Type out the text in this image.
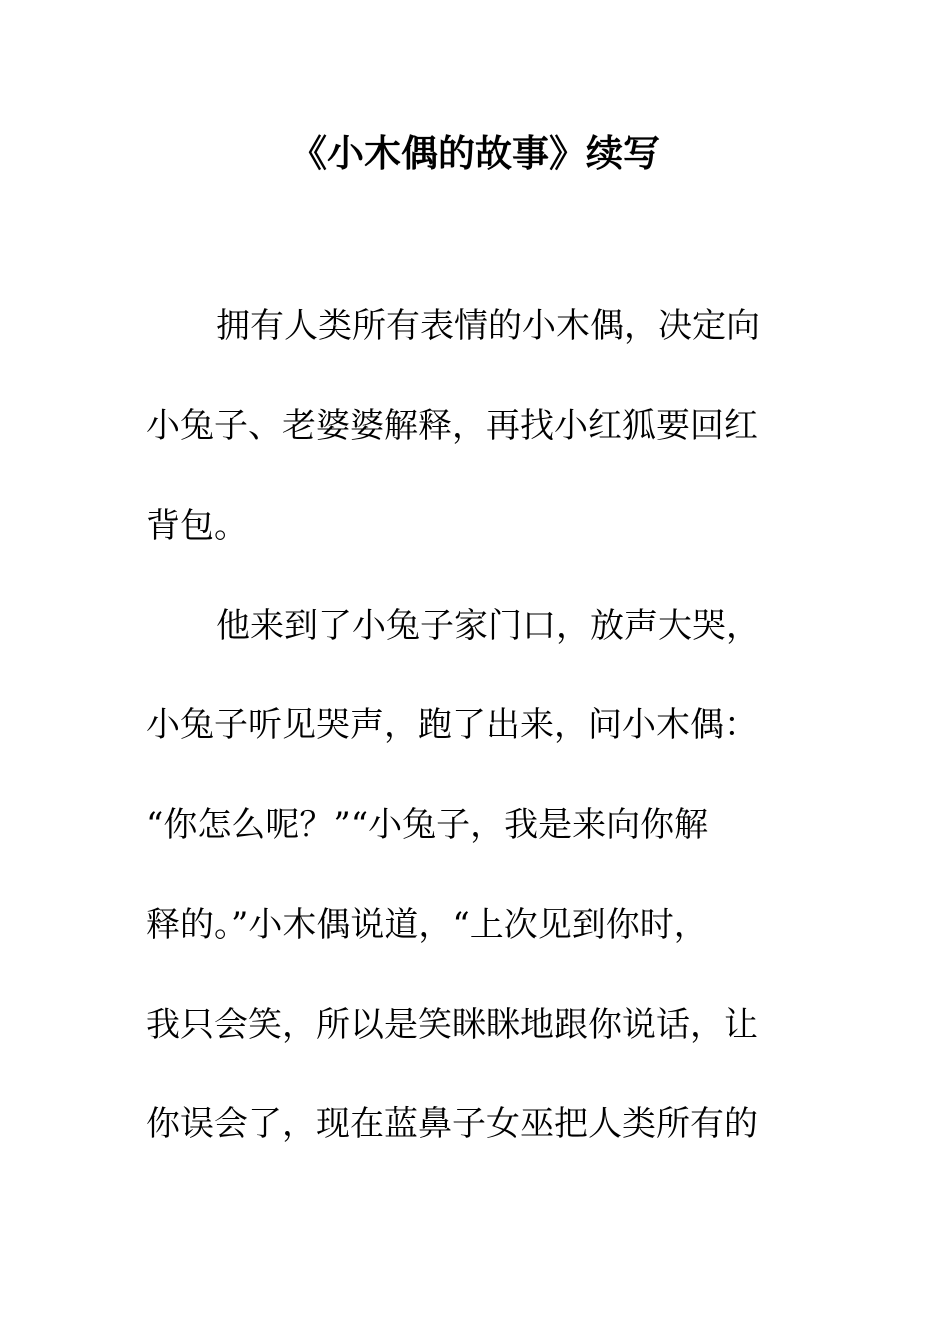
《小木偶的故事》续写
拥有人类所有表情的小木偶，决定向
小兔子、老婆婆解释，再找小红狐要回红
背包。
他来到了小兔子家门口，放声大哭，
小兔子听见哭声，跑了出来，问小木偶：
“你怎么呢？”“小兔子，我是来向你解
释的。”小木偶说道，“上次见到你时，
我只会笑，所以是笑眯眯地跟你说话，让
你误会了，现在蓝鼻子女巫把人类所有的
